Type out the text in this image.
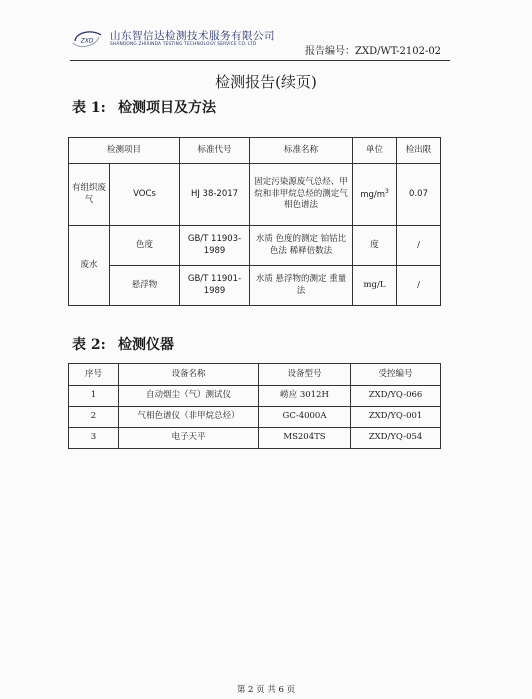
ZXD 山东智信达检测技术服务有限公司
SHANDONG ZHIXINDA TESTING TECHNOLOGY SERVICE CO. LTD
报告编号：ZXD/WT-2102-02
检测报告(续页)
表 1: 检测项目及方法
检测项目		标准代号	标准名称	单位	检出限
有组织废气	VOCs	HJ 38-2017	固定污染源废气总烃、甲烷和非甲烷总烃的测定气相色谱法	$mg/m^3$	0.07
废水	色度	GB/T 11903-1989	水质 色度的测定 铂钴比色法 稀释倍数法	度	/
	悬浮物	GB/T 11901-1989	水质 悬浮物的测定 重量法	mg/L	/
表 2: 检测仪器
序号	设备名称	设备型号	受控编号
1	自动烟尘（气）测试仪	崂应 3012H	ZXD/YQ-066
2	气相色谱仪（非甲烷总烃）	GC-4000A	ZXD/YQ-001
3	电子天平	MS204TS	ZXD/YQ-054
第 2 页 共 6 页
